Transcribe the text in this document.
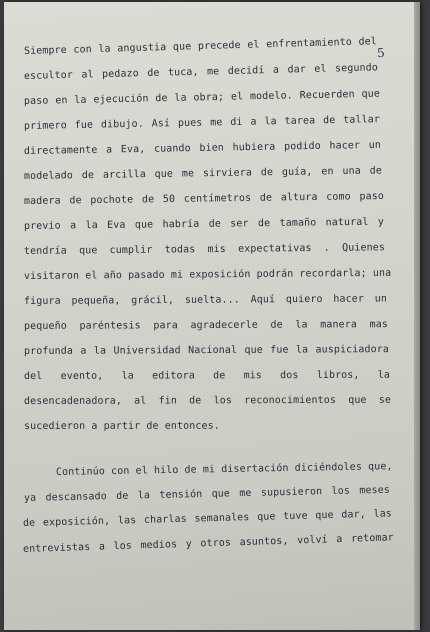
5
Siempre con la angustia que precede el enfrentamiento del
escultor al pedazo de tuca, me decidí a dar el segundo
paso en la ejecución de la obra; el modelo. Recuerden que
primero fue dibujo. Así pues me di a la tarea de tallar
directamente a Eva, cuando bien hubiera podido hacer un
modelado de arcilla que me sirviera de guía, en una de
madera de pochote de 50 centímetros de altura como paso
previo a la Eva que habría de ser de tamaño natural y
tendría que cumplir todas mis expectativas . Quienes
visitaron el año pasado mi exposición podrán recordarla; una
figura pequeña, grácil, suelta... Aquí quiero hacer un
pequeño paréntesis para agradecerle de la manera mas
profunda a la Universidad Nacional que fue la auspiciadora
del evento, la editora de mis dos libros, la
desencadenadora, al fin de los reconocimientos que se
sucedieron a partir de entonces.
Continúo con el hilo de mi disertación diciéndoles que,
ya descansado de la tensión que me supusieron los meses
de exposición, las charlas semanales que tuve que dar, las
entrevistas a los medios y otros asuntos, volví a retomar
